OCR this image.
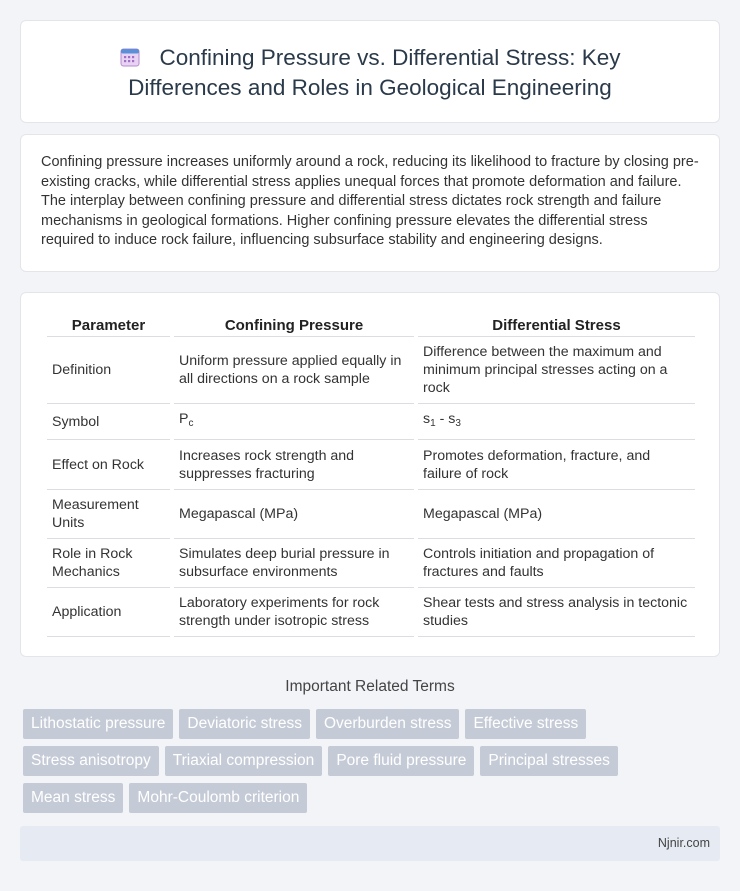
Confining Pressure vs. Differential Stress: Key Differences and Roles in Geological Engineering

Confining pressure increases uniformly around a rock, reducing its likelihood to fracture by closing pre-existing cracks, while differential stress applies unequal forces that promote deformation and failure. The interplay between confining pressure and differential stress dictates rock strength and failure mechanisms in geological formations. Higher confining pressure elevates the differential stress required to induce rock failure, influencing subsurface stability and engineering designs.

Parameter	Confining Pressure	Differential Stress
Definition	Uniform pressure applied equally in all directions on a rock sample	Difference between the maximum and minimum principal stresses acting on a rock
Symbol	$P_c$	$s_1 - s_3$
Effect on Rock	Increases rock strength and suppresses fracturing	Promotes deformation, fracture, and failure of rock
Measurement Units	Megapascal (MPa)	Megapascal (MPa)
Role in Rock Mechanics	Simulates deep burial pressure in subsurface environments	Controls initiation and propagation of fractures and faults
Application	Laboratory experiments for rock strength under isotropic stress	Shear tests and stress analysis in tectonic studies
Important Related Terms
Lithostatic pressure	Deviatoric stress	Overburden stress	Effective stress
Stress anisotropy	Triaxial compression	Pore fluid pressure	Principal stresses
Mean stress	Mohr-Coulomb criterion
Njnir.com
